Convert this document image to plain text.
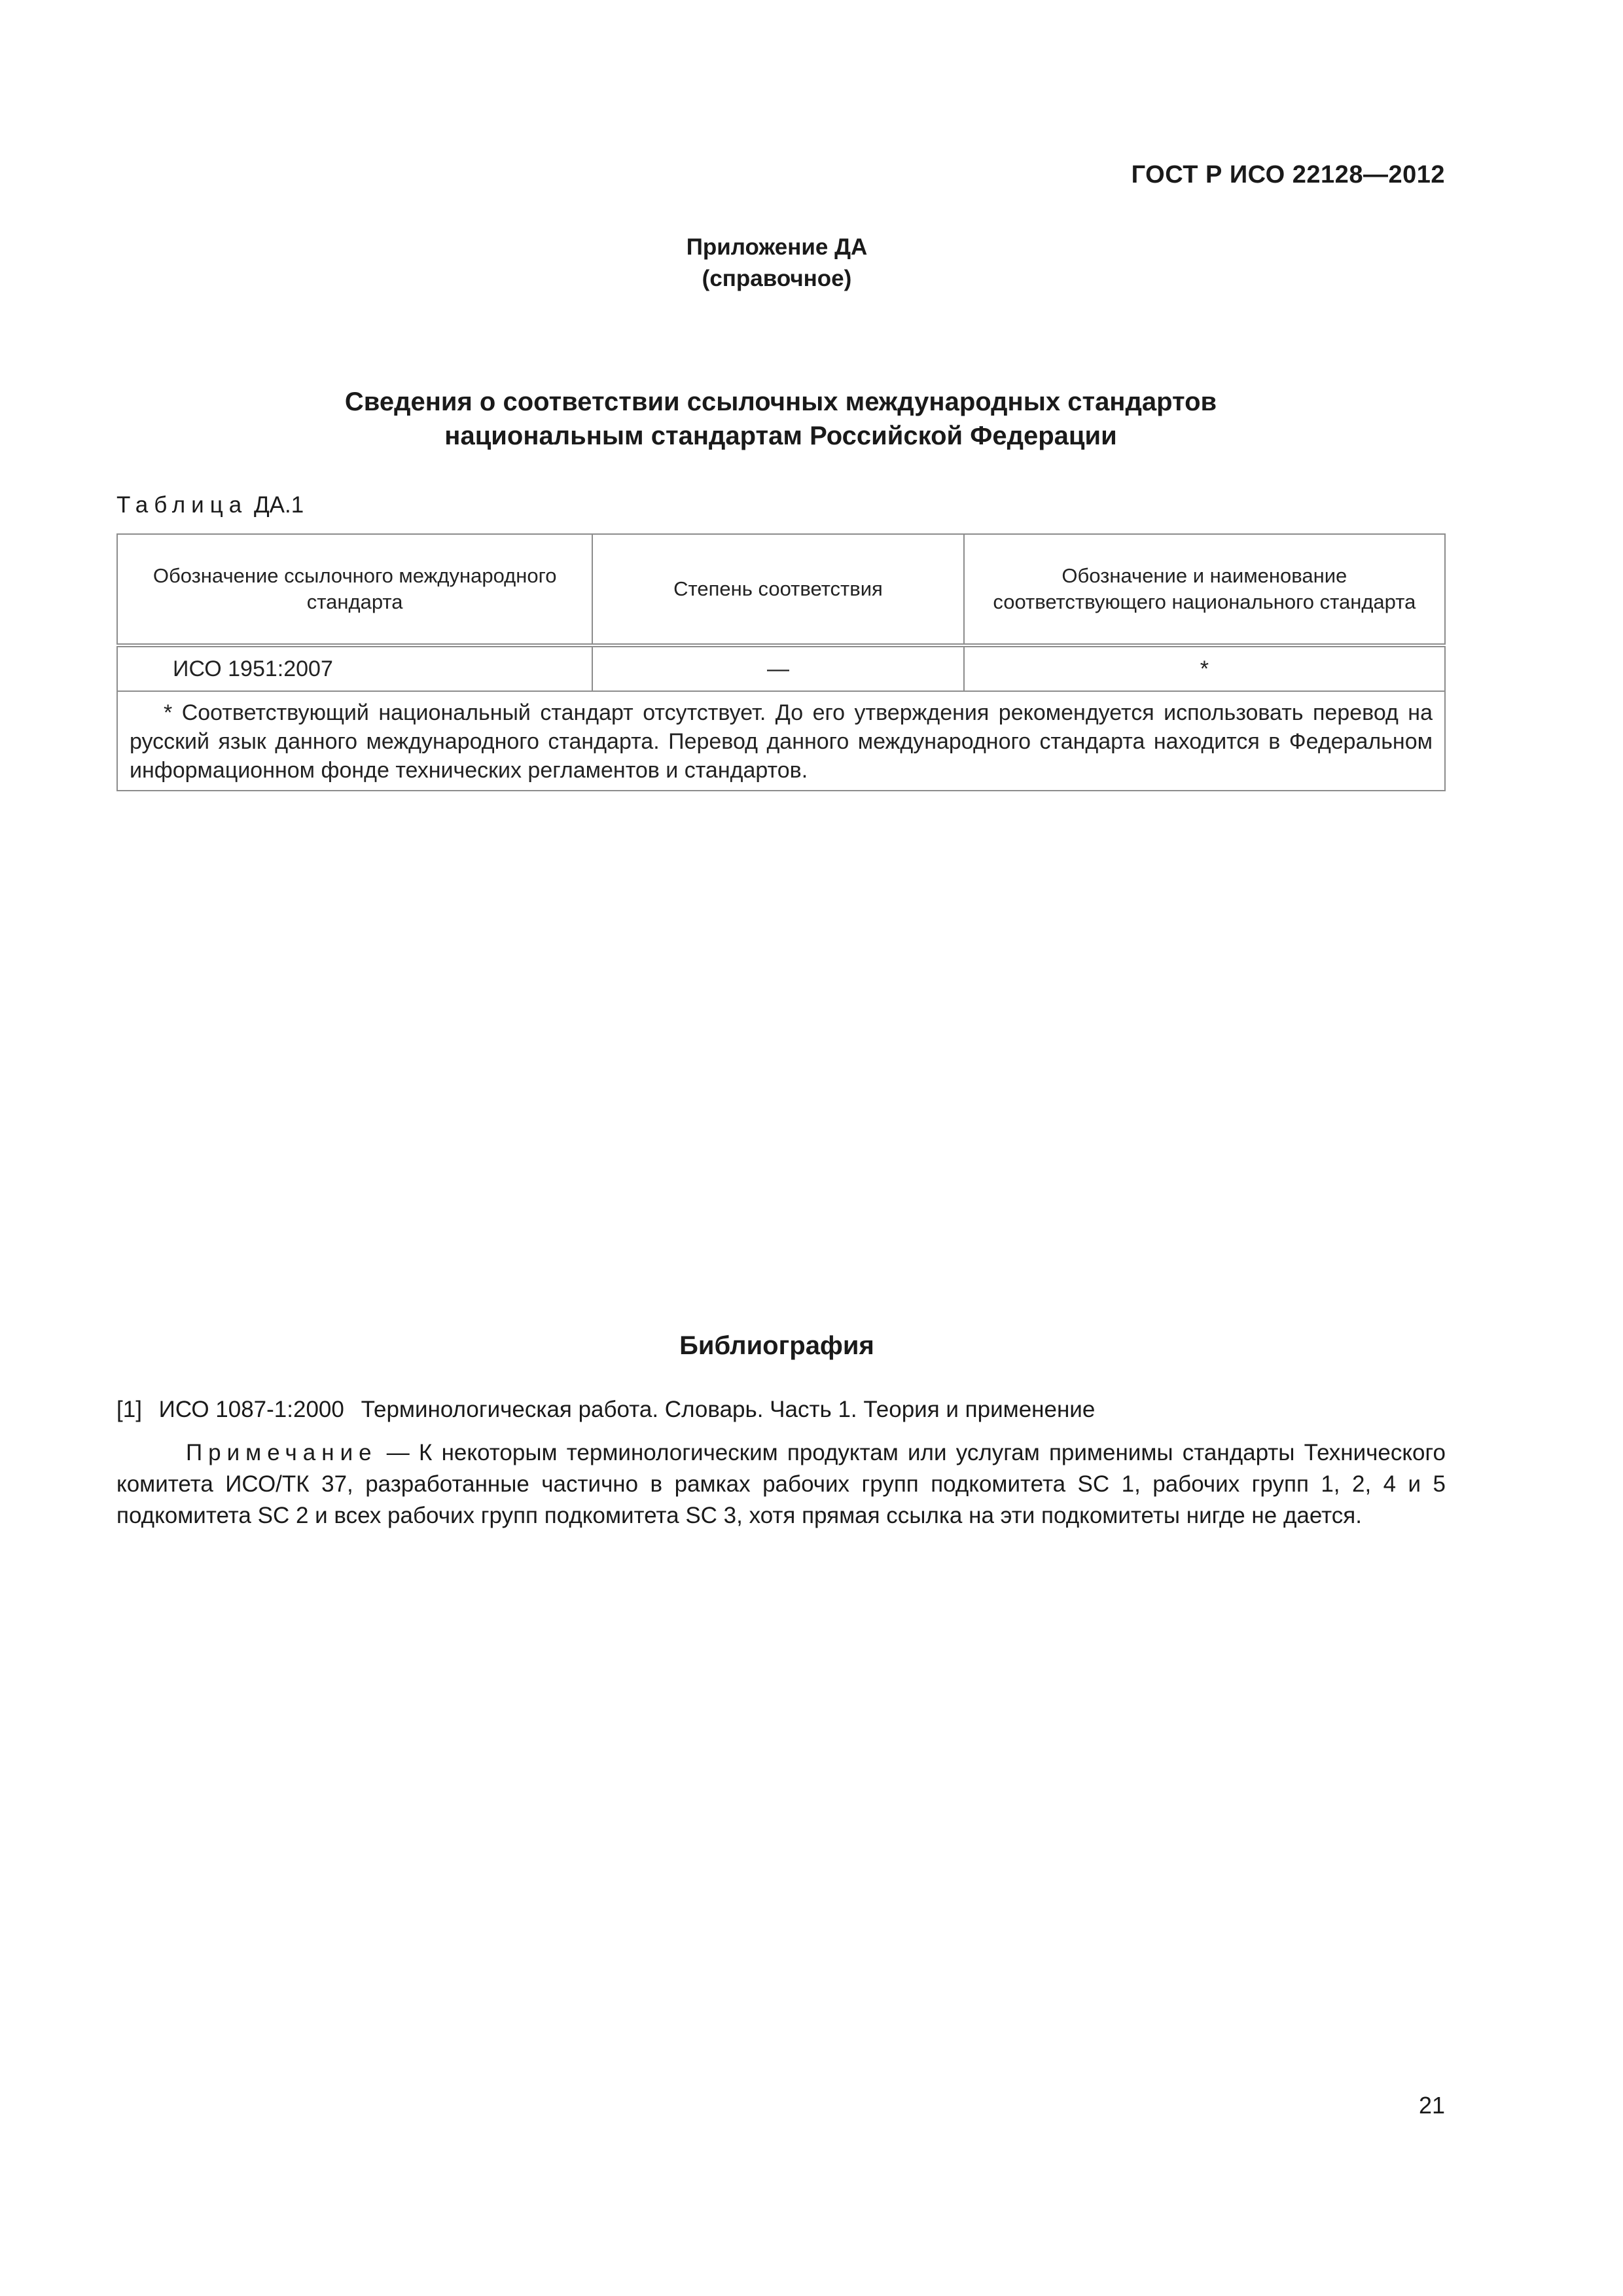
ГОСТ Р ИСО 22128—2012
Приложение ДА
(справочное)
Сведения о соответствии ссылочных международных стандартов
национальным стандартам Российской Федерации
Таблица ДА.1
Обозначение ссылочного международного стандарта	Степень соответствия	Обозначение и наименование соответствующего национального стандарта
ИСО 1951:2007	—	*
* Соответствующий национальный стандарт отсутствует. До его утверждения рекомендуется использовать перевод на русский язык данного международного стандарта. Перевод данного международного стандарта находится в Федеральном информационном фонде технических регламентов и стандартов.		
Библиография
[1] ИСО 1087-1:2000 Терминологическая работа. Словарь. Часть 1. Теория и применение
Примечание — К некоторым терминологическим продуктам или услугам применимы стандарты Технического комитета ИСО/ТК 37, разработанные частично в рамках рабочих групп подкомитета SC 1, рабочих групп 1, 2, 4 и 5 подкомитета SC 2 и всех рабочих групп подкомитета SC 3, хотя прямая ссылка на эти подкомитеты нигде не дается.
21
